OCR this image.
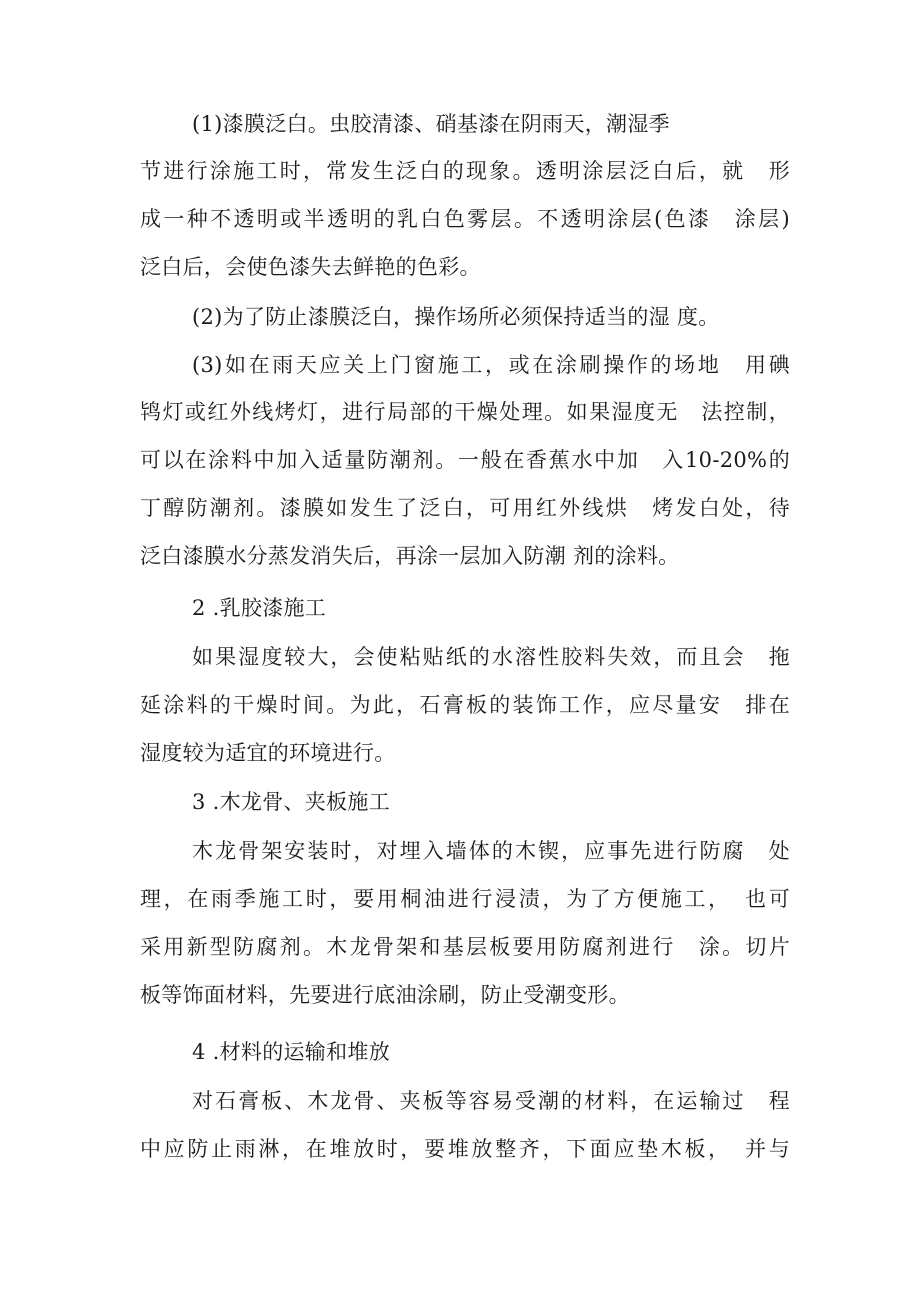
(1)漆膜泛白。虫胶清漆、硝基漆在阴雨天，潮湿季
节进行涂施工时，常发生泛白的现象。透明涂层泛白后，就　形
成一种不透明或半透明的乳白色雾层。不透明涂层(色漆　涂层)
泛白后，会使色漆失去鲜艳的色彩。
(2)为了防止漆膜泛白，操作场所必须保持适当的湿 度。
(3)如在雨天应关上门窗施工，或在涂刷操作的场地　用碘
鸨灯或红外线烤灯，进行局部的干燥处理。如果湿度无　法控制，
可以在涂料中加入适量防潮剂。一般在香蕉水中加　入10-20%的
丁醇防潮剂。漆膜如发生了泛白，可用红外线烘　烤发白处，待
泛白漆膜水分蒸发消失后，再涂一层加入防潮 剂的涂料。
2 .乳胶漆施工
如果湿度较大，会使粘贴纸的水溶性胶料失效，而且会　拖
延涂料的干燥时间。为此，石膏板的装饰工作，应尽量安　排在
湿度较为适宜的环境进行。
3 .木龙骨、夹板施工
木龙骨架安装时，对埋入墙体的木锲，应事先进行防腐　处
理，在雨季施工时，要用桐油进行浸渍，为了方便施工，　也可
采用新型防腐剂。木龙骨架和基层板要用防腐剂进行　涂。切片
板等饰面材料，先要进行底油涂刷，防止受潮变形。
4 .材料的运输和堆放
对石膏板、木龙骨、夹板等容易受潮的材料，在运输过　程
中应防止雨淋，在堆放时，要堆放整齐，下面应垫木板，　并与
